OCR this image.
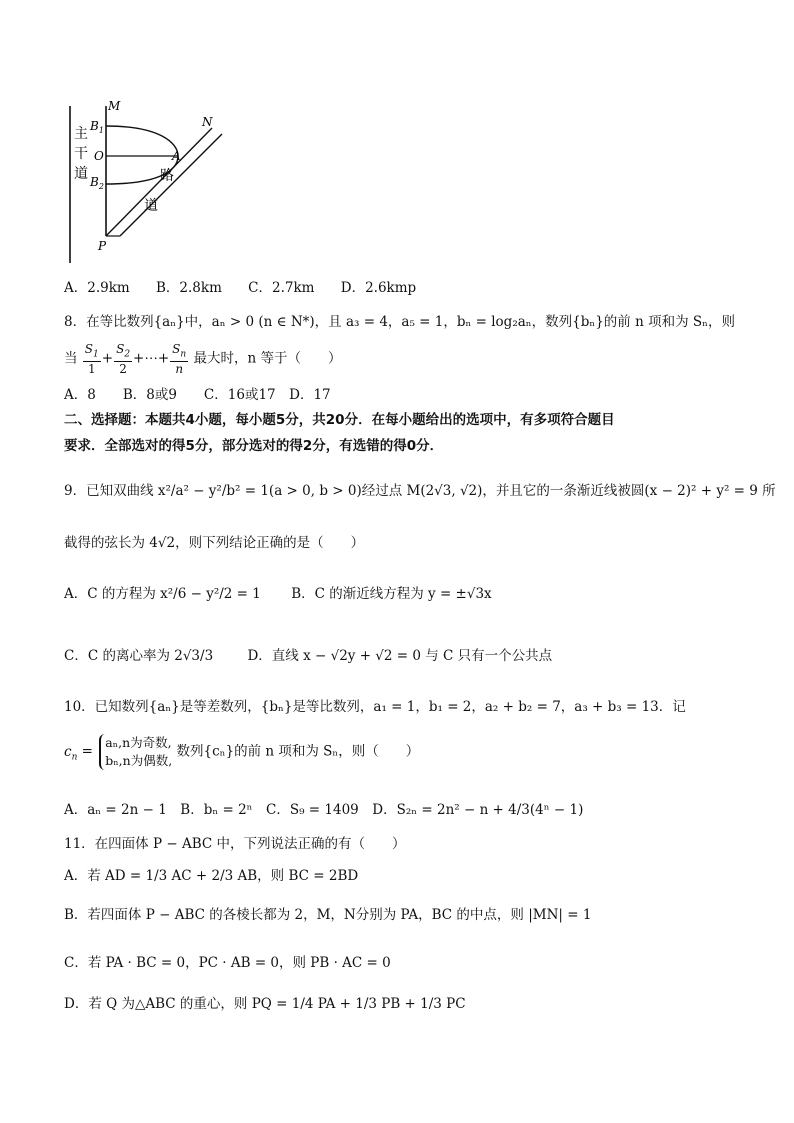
M
$B_1$
O	A
$B_2$
N
P
主
干
道	路
道
A．2.9km B．2.8km C．2.7km D．2.6kmp
8．在等比数列{aₙ}中，aₙ > 0 (n ∈ N*)，且 a₃ = 4，a₅ = 1，bₙ = log₂aₙ，数列{bₙ}的前 n 项和为 Sₙ，则
当 $\frac{S_1}{1} + \frac{S_2}{2}$ +⋯+ $\frac{S_n}{n}$ 最大时，n 等于（　　）
A．8　　B．8或9　　C．16或17　D．17
二、选择题：本题共4小题，每小题5分，共20分．在每小题给出的选项中，有多项符合题目
要求．全部选对的得5分，部分选对的得2分，有选错的得0分．
9．已知双曲线 x²/a² − y²/b² = 1(a > 0, b > 0)经过点 M(2√3, √2)，并且它的一条渐近线被圆(x − 2)² + y² = 9 所
截得的弦长为 4√2，则下列结论正确的是（　　）
A．C 的方程为 x²/6 − y²/2 = 1 B．C 的渐近线方程为 y = ±√3x
C．C 的离心率为 2√3/3	D．直线 x − √2y + √2 = 0 与 C 只有一个公共点
10．已知数列{aₙ}是等差数列，{bₙ}是等比数列，a₁ = 1，b₁ = 2，a₂ + b₂ = 7，a₃ + b₃ = 13．记
$c_n$ =
aₙ,n为奇数,
bₙ,n为偶数,
数列{cₙ}的前 n 项和为 Sₙ，则（　　）
A．aₙ = 2n − 1　B．bₙ = 2ⁿ　C．S₉ = 1409　D．S₂ₙ = 2n² − n + 4/3(4ⁿ − 1)
11．在四面体 P − ABC 中，下列说法正确的有（　　）
A．若 AD = 1/3 AC + 2/3 AB，则 BC = 2BD
B．若四面体 P − ABC 的各棱长都为 2，M，N分别为 PA，BC 的中点，则 |MN| = 1
C．若 PA · BC = 0，PC · AB = 0，则 PB · AC = 0
D．若 Q 为△ABC 的重心，则 PQ = 1/4 PA + 1/3 PB + 1/3 PC
